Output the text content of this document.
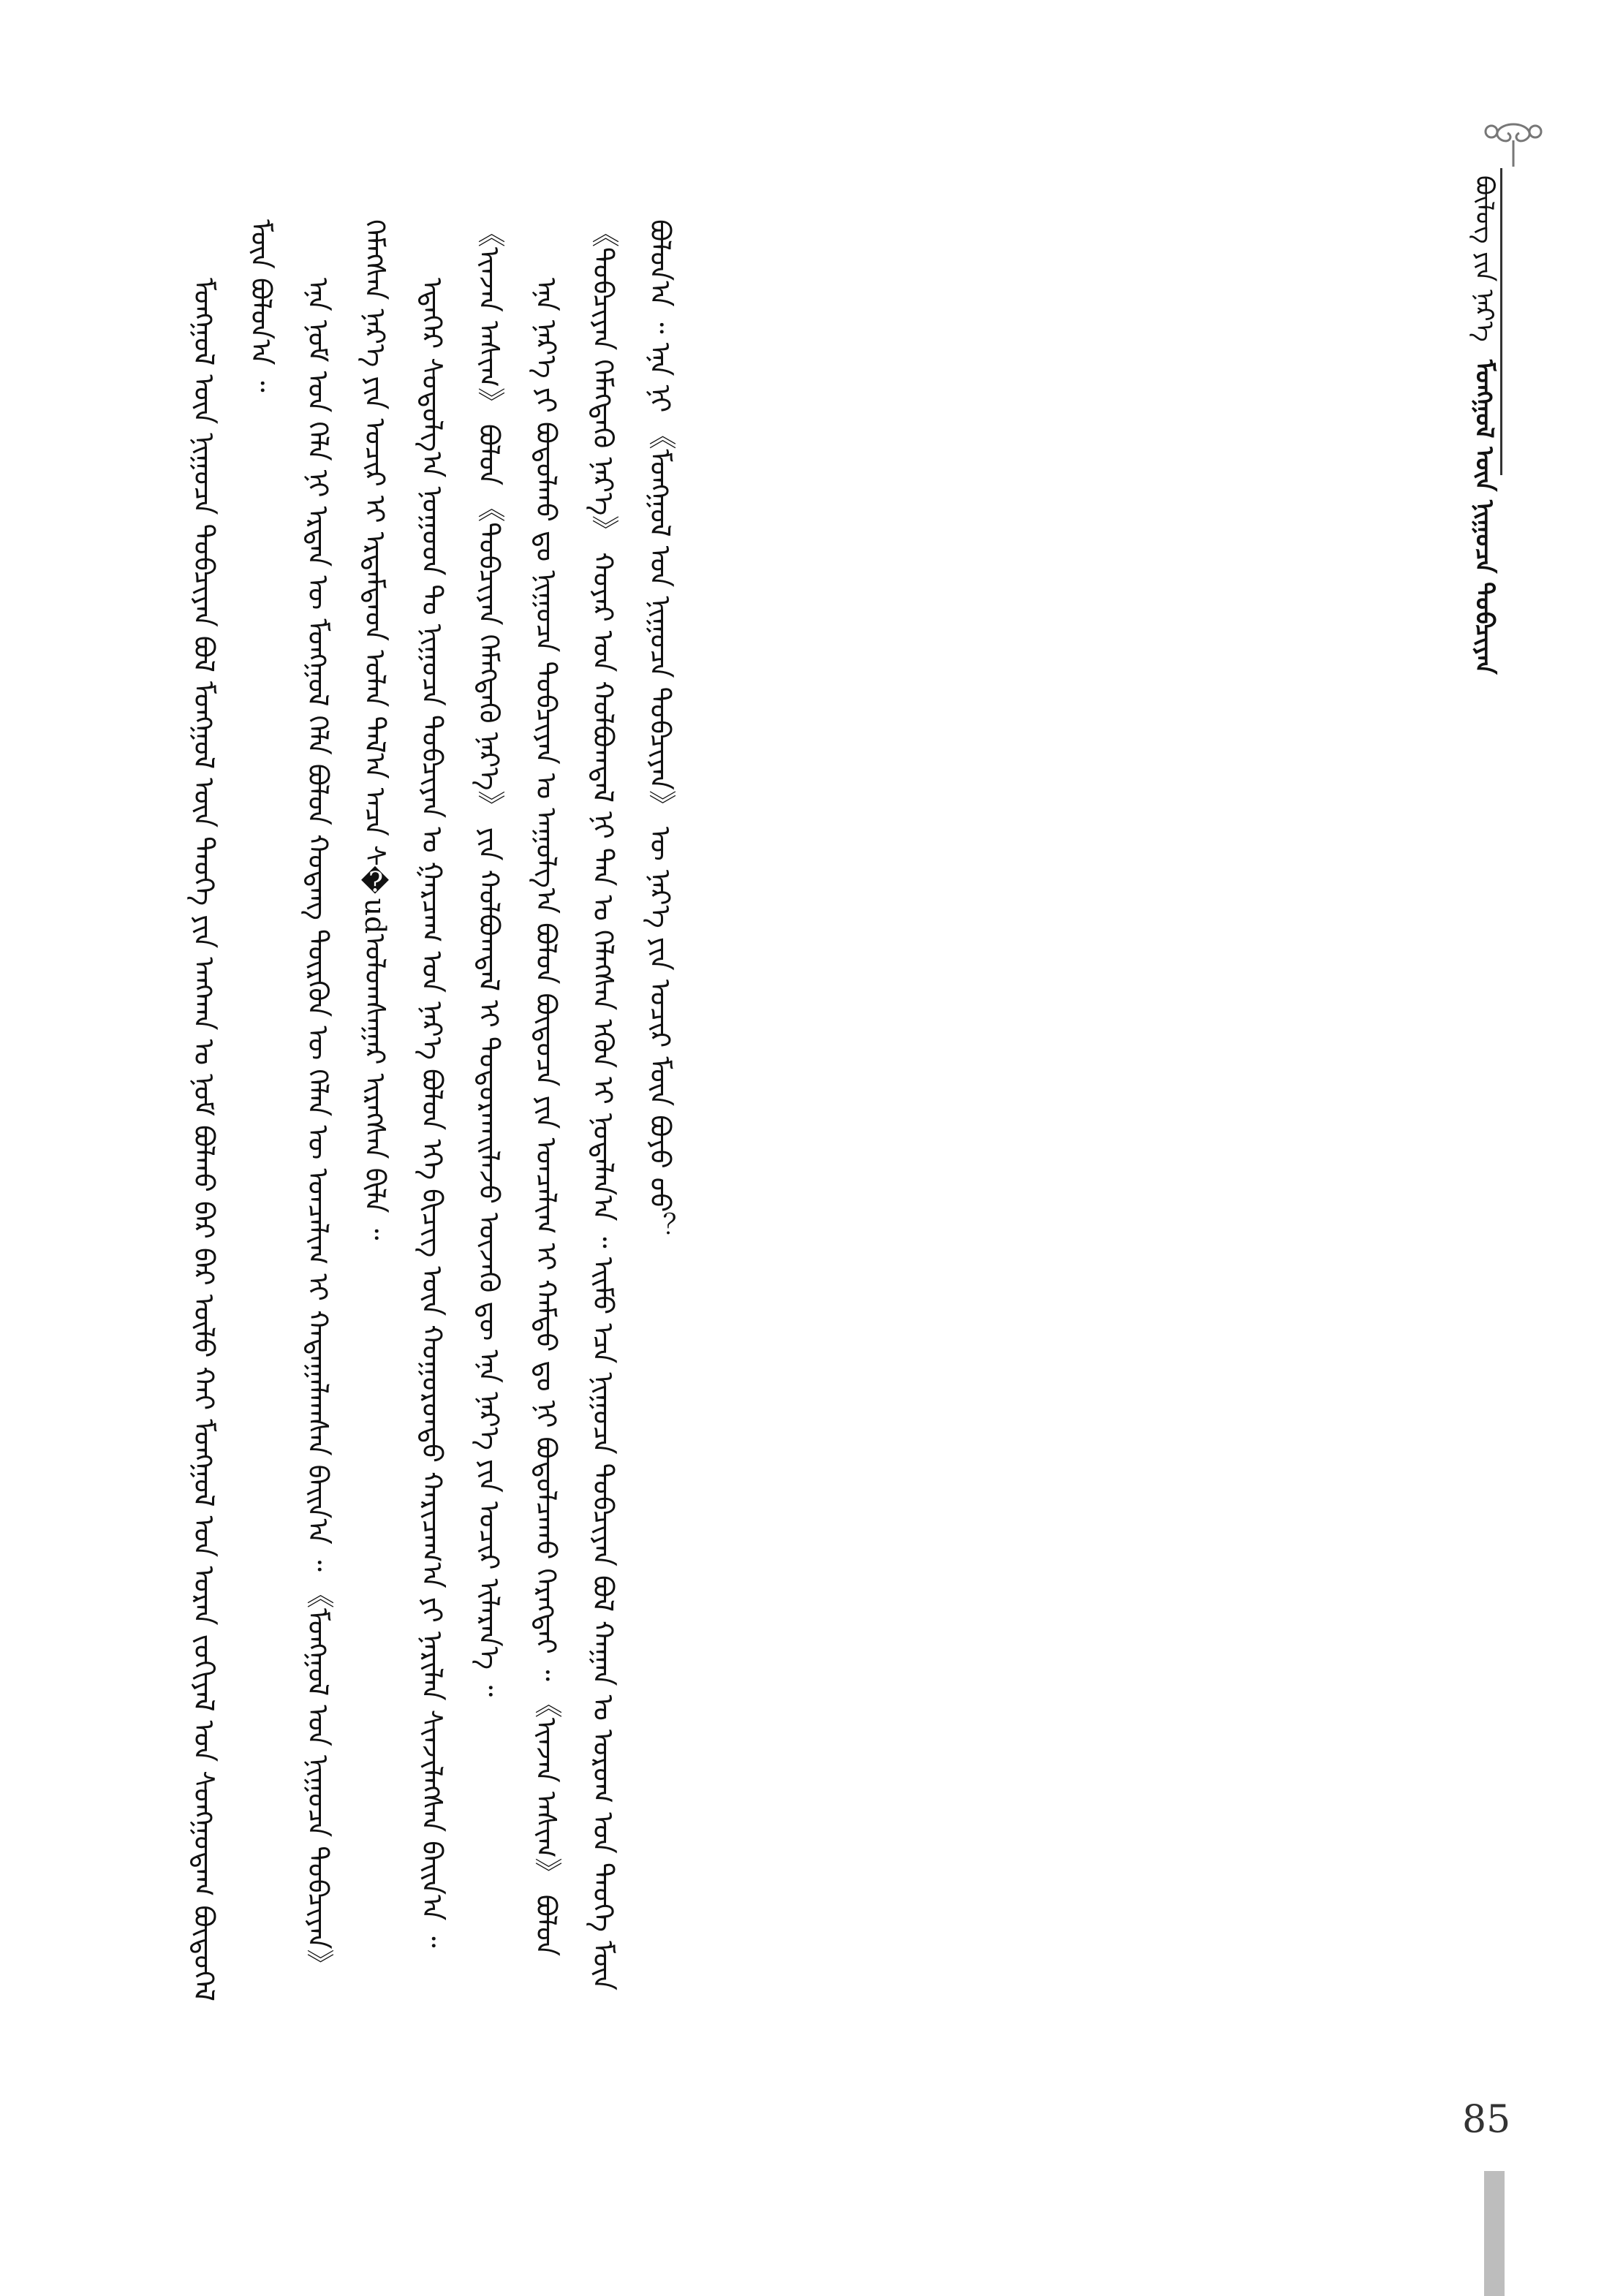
ᠪᠦᠯᠦᠭ ᠶᠢᠨ ᠨᠡᠷ᠎ᠡ ᠮᠣᠩᠭᠣᠯ ᠦᠨ ᠨᠢᠭᠤᠴᠠ ᠲᠣᠪᠴᠢᠶᠠᠨ

ᠮᠣᠩᠭᠣᠯ ᠦᠨ ᠨᠢᠭᠤᠴᠠ ᠲᠣᠪᠴᠢᠶᠠᠨ ᠪᠣᠯ ᠮᠣᠩᠭᠣᠯ ᠦᠨ ᠲᠡᠦᠬᠡ ᠶᠢᠨ ᠠᠩᠬᠠᠨ ᠤ ᠨᠣᠮ ᠪᠣᠯᠬᠤ ᠪᠠᠷ ᠪᠠᠷ ᠦᠯᠦ ᠬᠠᠢ ᠮᠣᠩᠭᠣᠯ ᠤᠨ ᠤᠷᠠᠨ ᠵᠣᠬᠢᠶᠠᠯ ᠤᠨ ᠰᠣᠩᠭᠣᠳᠠᠭ ᠪᠦᠲᠦᠭᠡᠯ ᠮᠥᠨ ᠪᠣᠯᠤᠨ᠎ᠠ ᠃ ᠡᠨᠡ ᠨᠣᠮ ᠤᠨ ᠬᠡᠯᠡ ᠨᠢ ᠡᠷᠲᠡᠨ ᠦ ᠮᠣᠩᠭᠣᠯ ᠬᠡᠯᠡ ᠪᠣᠯᠤᠨ ᠬᠣᠳᠠᠩ ᠲᠥᠷᠬᠦᠨ ᠦ ᠬᠡᠯᠡᠨ ᠦ ᠣᠨᠴᠠᠯᠢᠭ ᠢ ᠬᠠᠳᠠᠭᠠᠯᠠᠭᠰᠠᠨ ᠪᠠᠢᠨ᠎ᠠ ᠃ 《ᠮᠣᠩᠭᠣᠯ ᠤᠨ ᠨᠢᠭᠤᠴᠠ ᠲᠣᠪᠴᠢᠶᠠᠨ》 ᠬᠡᠮᠡᠭᠰᠡᠨ ᠨᠡᠷ᠎ᠡ ᠶᠢᠨ ᠤᠴᠢᠷ ᠢ ᠡᠷᠳᠡᠮᠲᠡᠳ ᠣᠯᠠᠨ ᠲᠠᠯ᠎ᠠ ᠠᠴᠠ ᠰ�udᠤᠯᠤᠭᠰᠠᠭᠠᠷ ᠢᠷᠡᠭᠰᠡᠨ ᠪᠢᠯᠡ ᠃ ᠡᠳᠡᠭᠡᠷ ᠰᠤᠳᠤᠯᠭ᠎ᠠ ᠨᠤᠭᠤᠳ ᠲᠤ ᠨᠢᠭᠤᠴᠠ ᠲᠣᠪᠴᠢᠶᠠᠨ ᠤ ᠭᠠᠷᠴᠠᠭ ᠤᠨ ᠨᠡᠷ᠎ᠡ ᠪᠣᠯᠣᠨ ᠡᠬᠡ ᠪᠢᠴᠢᠭ ᠦᠨ ᠬᠣᠭᠣᠷᠣᠨᠳᠣ ᠬᠠᠷᠢᠴᠠᠭ᠎ᠠ ᠶᠢ ᠨᠠᠷᠢᠯᠠᠨ ᠰᠢᠨᠵᠢᠯᠡᠭᠰᠡᠨ ᠪᠠᠢᠨ᠎ᠠ ᠃ 《ᠢᠨᠵᠠᠨ ᠠᠰᠢᠭ》 ᠪᠣᠯᠣᠨ 《ᠲᠣᠪᠴᠢᠶᠠᠨ ᠬᠡᠮᠡᠭᠳᠡᠬᠦ ᠨᠡᠷ᠎ᠡ》 ᠶᠢᠨ ᠬᠣᠯᠪᠣᠭᠳᠠᠯ ᠢ ᠲᠣᠳᠣᠷᠬᠠᠢᠯᠠᠵᠤ ᠦᠵᠡᠬᠦ ᠳᠦ ᠡᠨᠡ ᠨᠡᠷ᠎ᠡ ᠶᠢᠨ ᠤᠴᠢᠷ ᠢᠯᠡᠷᠡᠨ᠎ᠡ ᠃ ᠡᠨᠡ ᠨᠡᠷ᠎ᠡ ᠶᠢ ᠪᠣᠳᠣᠯᠬᠤ ᠳᠤ ᠨᠢᠭᠤᠴᠠ ᠲᠣᠪᠴᠢᠶᠠᠨ ᠤ ᠠᠭᠤᠯᠭ᠎ᠠ ᠪᠣᠯᠣᠨ ᠪᠦᠲᠦᠴᠡ ᠶᠢᠨ ᠣᠨᠴᠠᠯᠢᠭ ᠢ ᠬᠠᠮᠲᠤ ᠳᠤ ᠨᠢ ᠪᠣᠳᠣᠯᠴᠠᠬᠤ ᠬᠡᠷᠡᠭᠲᠡᠢ ᠃ 《ᠢᠨᠵᠠᠨ ᠠᠰᠢᠭ》 ᠪᠣᠯᠣᠨ 《ᠲᠣᠪᠴᠢᠶᠠᠨ ᠬᠡᠮᠡᠭᠳᠡᠬᠦ ᠨᠡᠷ᠎ᠡ》 ᠬᠣᠶᠠᠷ ᠤᠨ ᠬᠣᠯᠪᠣᠭᠳᠠᠯ ᠨᠢ ᠲᠠᠨ ᠤ ᠬᠡᠯᠡᠭᠰᠡᠨ ᠡᠭᠦᠨ ᠢ ᠨᠤᠲᠠᠯᠠᠨ᠎ᠠ ᠃ ᠡᠢᠮᠦ ᠡᠴᠡ ᠨᠢᠭᠤᠴᠠ ᠲᠣᠪᠴᠢᠶᠠᠨ ᠪᠣᠯ ᠬᠠᠭᠠᠨ ᠤ ᠤᠷᠤᠭ ᠤᠨ ᠲᠡᠦᠬᠡ ᠮᠥᠨ ᠪᠣᠯᠤᠨ᠎ᠠ ᠃ ᠡᠨᠡ ᠨᠢ 《ᠮᠣᠩᠭᠣᠯ ᠤᠨ ᠨᠢᠭᠤᠴᠠ ᠲᠣᠪᠴᠢᠶᠠᠨ》 ᠦ ᠨᠡᠷ᠎ᠡ ᠶᠢᠨ ᠤᠴᠢᠷ ᠮᠥᠨ ᠪᠤᠶᠤ ᠤᠤ？

85
